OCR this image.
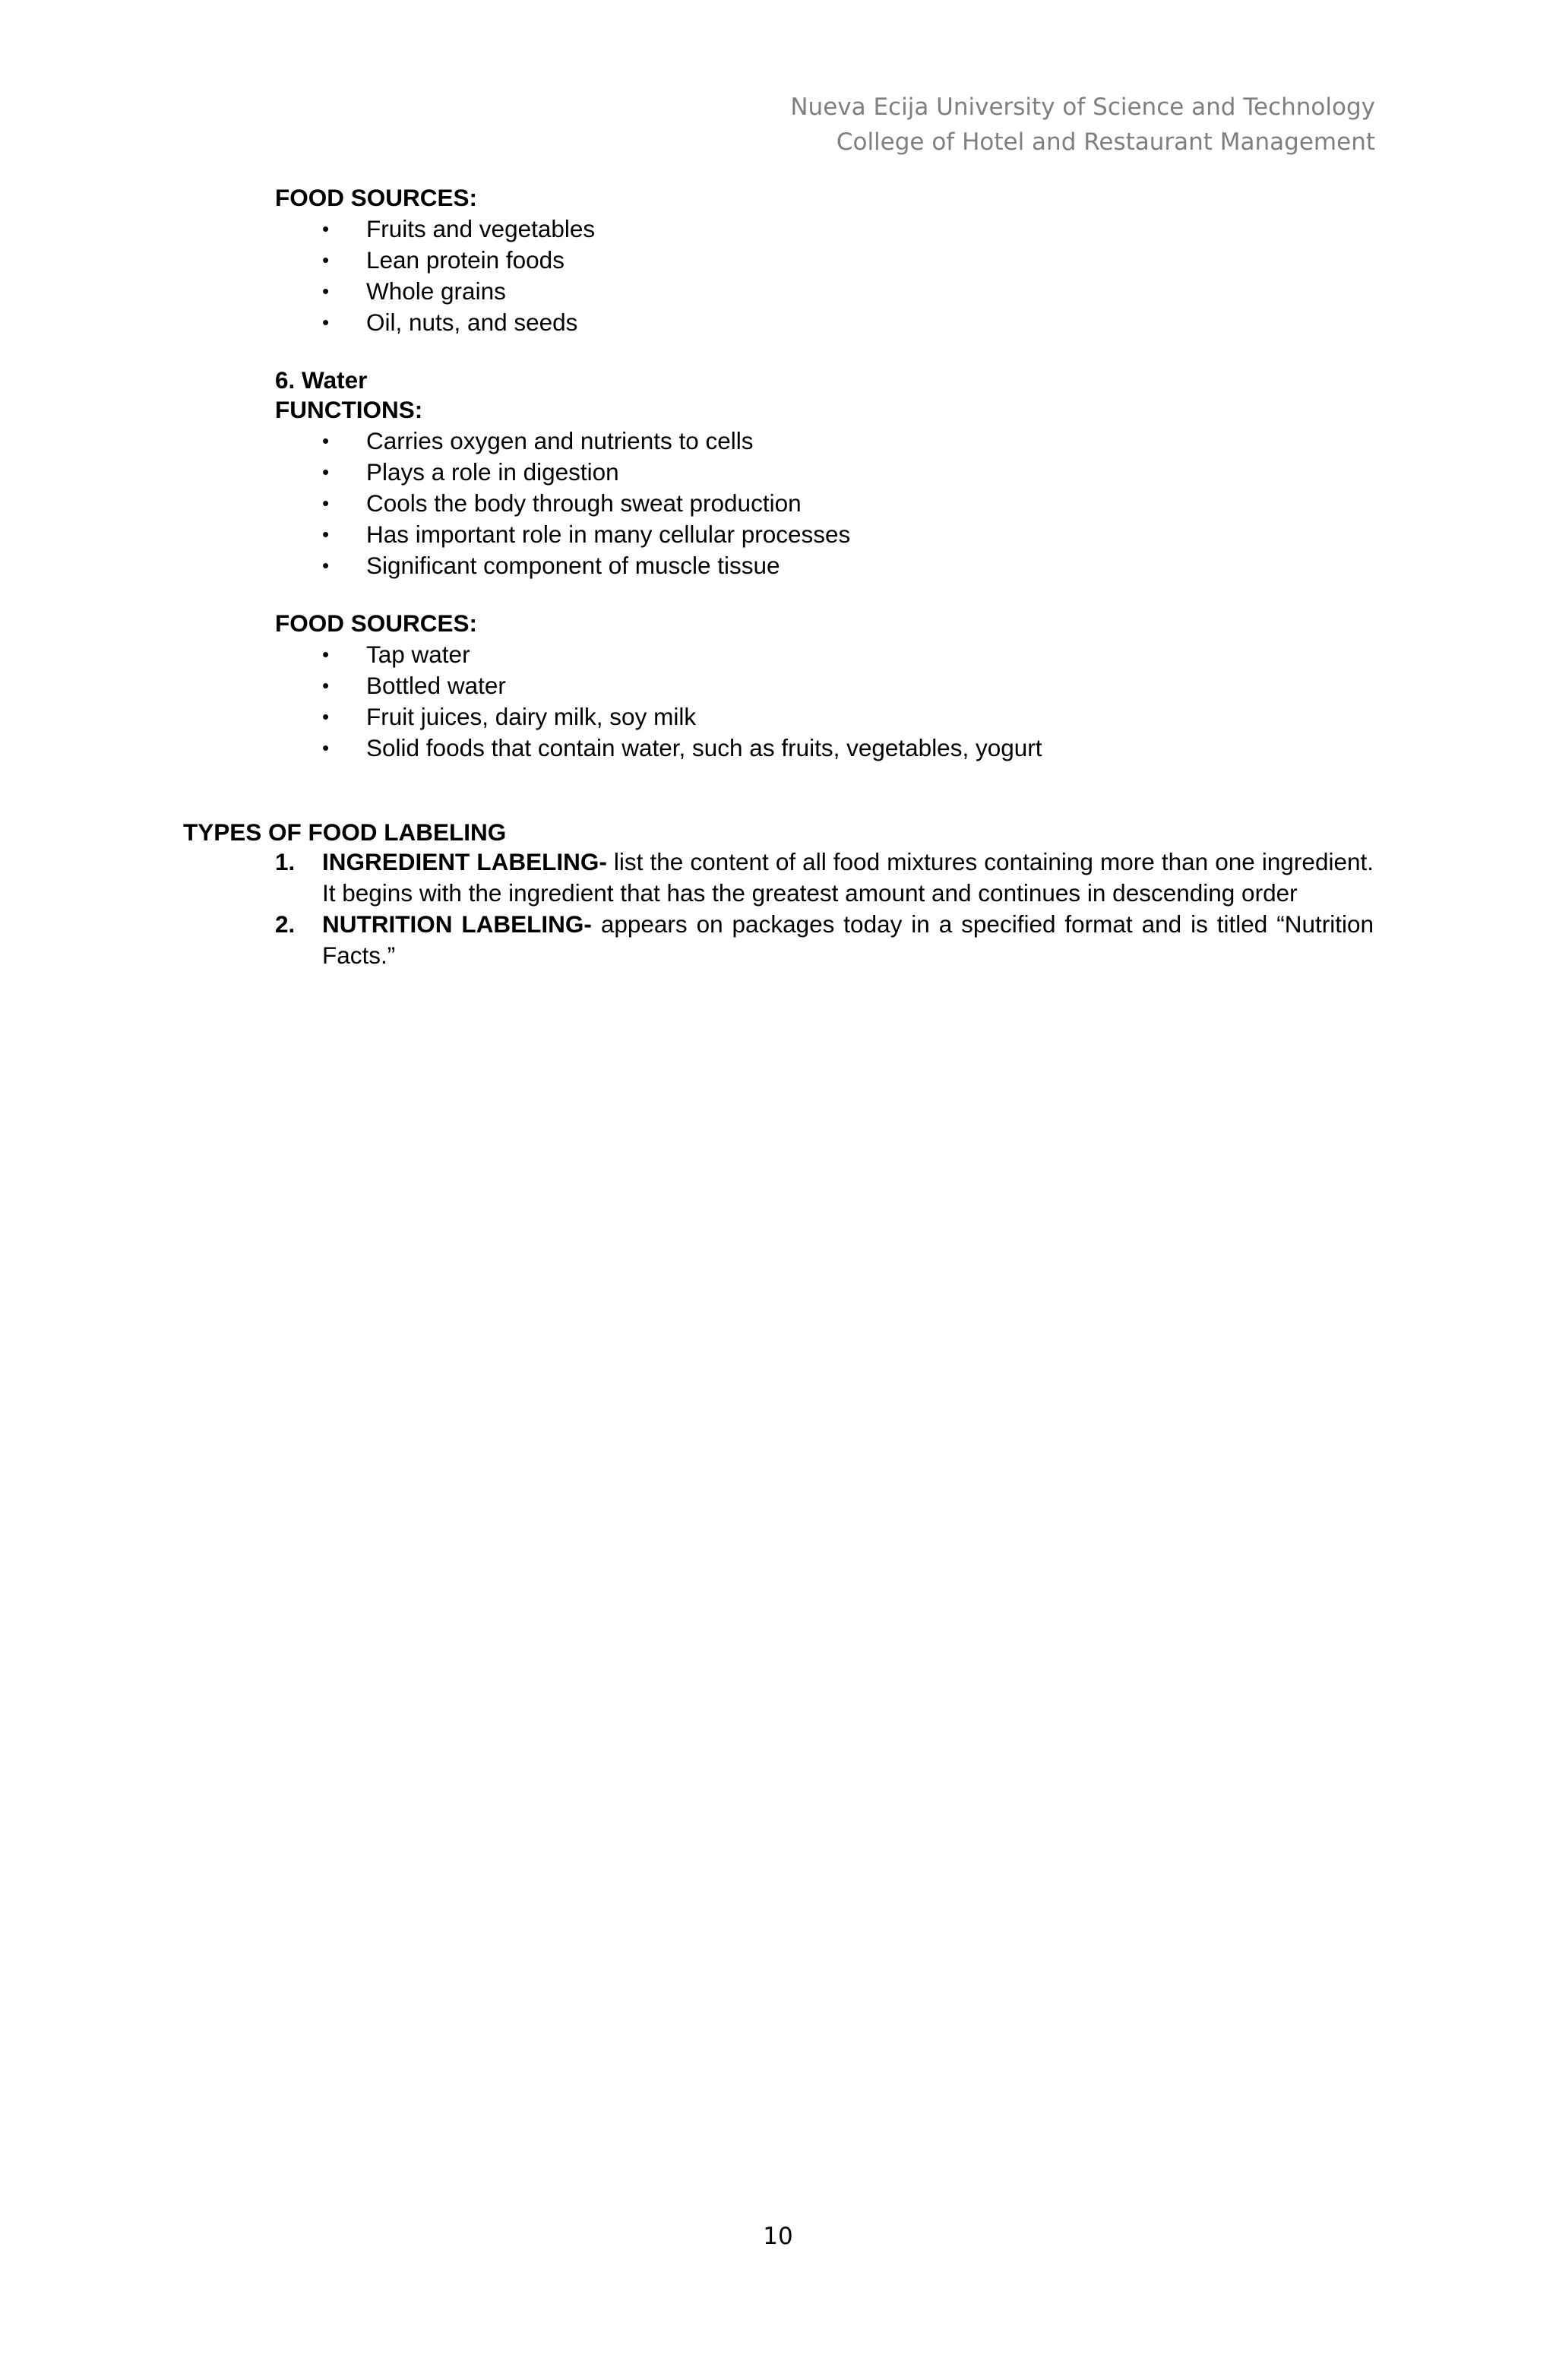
Nueva Ecija University of Science and Technology
College of Hotel and Restaurant Management
FOOD SOURCES:
• Fruits and vegetables
• Lean protein foods
• Whole grains
• Oil, nuts, and seeds
6. Water
FUNCTIONS:
• Carries oxygen and nutrients to cells
• Plays a role in digestion
• Cools the body through sweat production
• Has important role in many cellular processes
• Significant component of muscle tissue
FOOD SOURCES:
• Tap water
• Bottled water
• Fruit juices, dairy milk, soy milk
• Solid foods that contain water, such as fruits, vegetables, yogurt
TYPES OF FOOD LABELING
1. INGREDIENT LABELING- list the content of all food mixtures containing more than one ingredient. It begins with the ingredient that has the greatest amount and continues in descending order
2. NUTRITION LABELING- appears on packages today in a specified format and is titled “Nutrition Facts.”
10
